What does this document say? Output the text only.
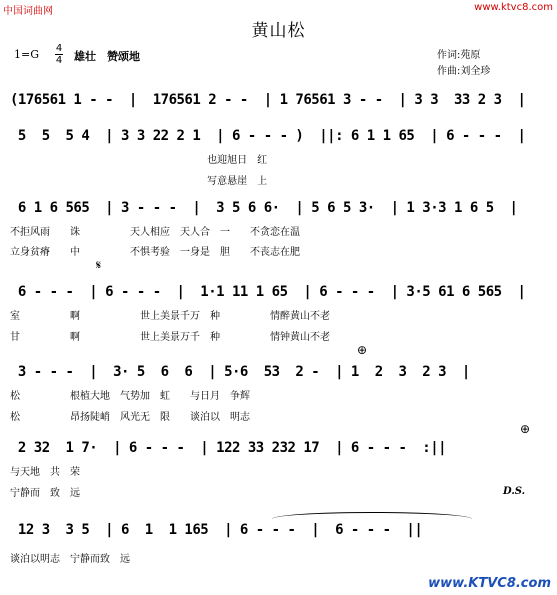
中国词曲网	www.ktvc8.com
黄山松
1=G 4
4 雄壮　赞颂地	作词:苑原
作曲:刘全珍
(176561 1 - -  |  176561 2 - -  | 1 76561 3 - -  | 3 3  33 2 3  |
5  5  5 4  | 3 3 22 2 1  | 6 - - - )  ||: 6 1 1 65  | 6 - - -  |
也迎旭日　红
写意悬崖　上
6 1 6 565  | 3 - - -  |  3 5 6 6·  | 5 6 5 3·  | 1 3·3 1 6 5  |
不拒风雨　　诛　　　　　天人相应　天人合　一　　不贪恋在温
立身贫瘠　　中　　　　　不惧考验　一身是　胆　　不丧志在肥
𝄋
6 - - -  | 6 - - -  |  1·1 11 1 65  | 6 - - -  | 3·5 61 6 565  |
室　　　　　啊　　　　　　世上美景千万　种　　　　　情醉黄山不老
甘　　　　　啊　　　　　　世上美景万千　种　　　　　情钟黄山不老
⊕
3 - - -  |  3· 5  6  6  | 5·6  53  2 -  | 1  2  3  2 3  |
松　　　　　根植大地　气势加　虹　　与日月　争辉
松　　　　　昂扬陡峭　风光无　限　　谈泊以　明志
⊕
2 32  1 7·  | 6 - - -  | 122 33 232 17  | 6 - - -  :||
与天地　共　荣
宁静而　致　远	D.S.
12 3  3 5  | 6  1  1 165  | 6 - - -  |  6 - - -  ||
谈泊以明志　宁静而致　远
www.KTVC8.com
